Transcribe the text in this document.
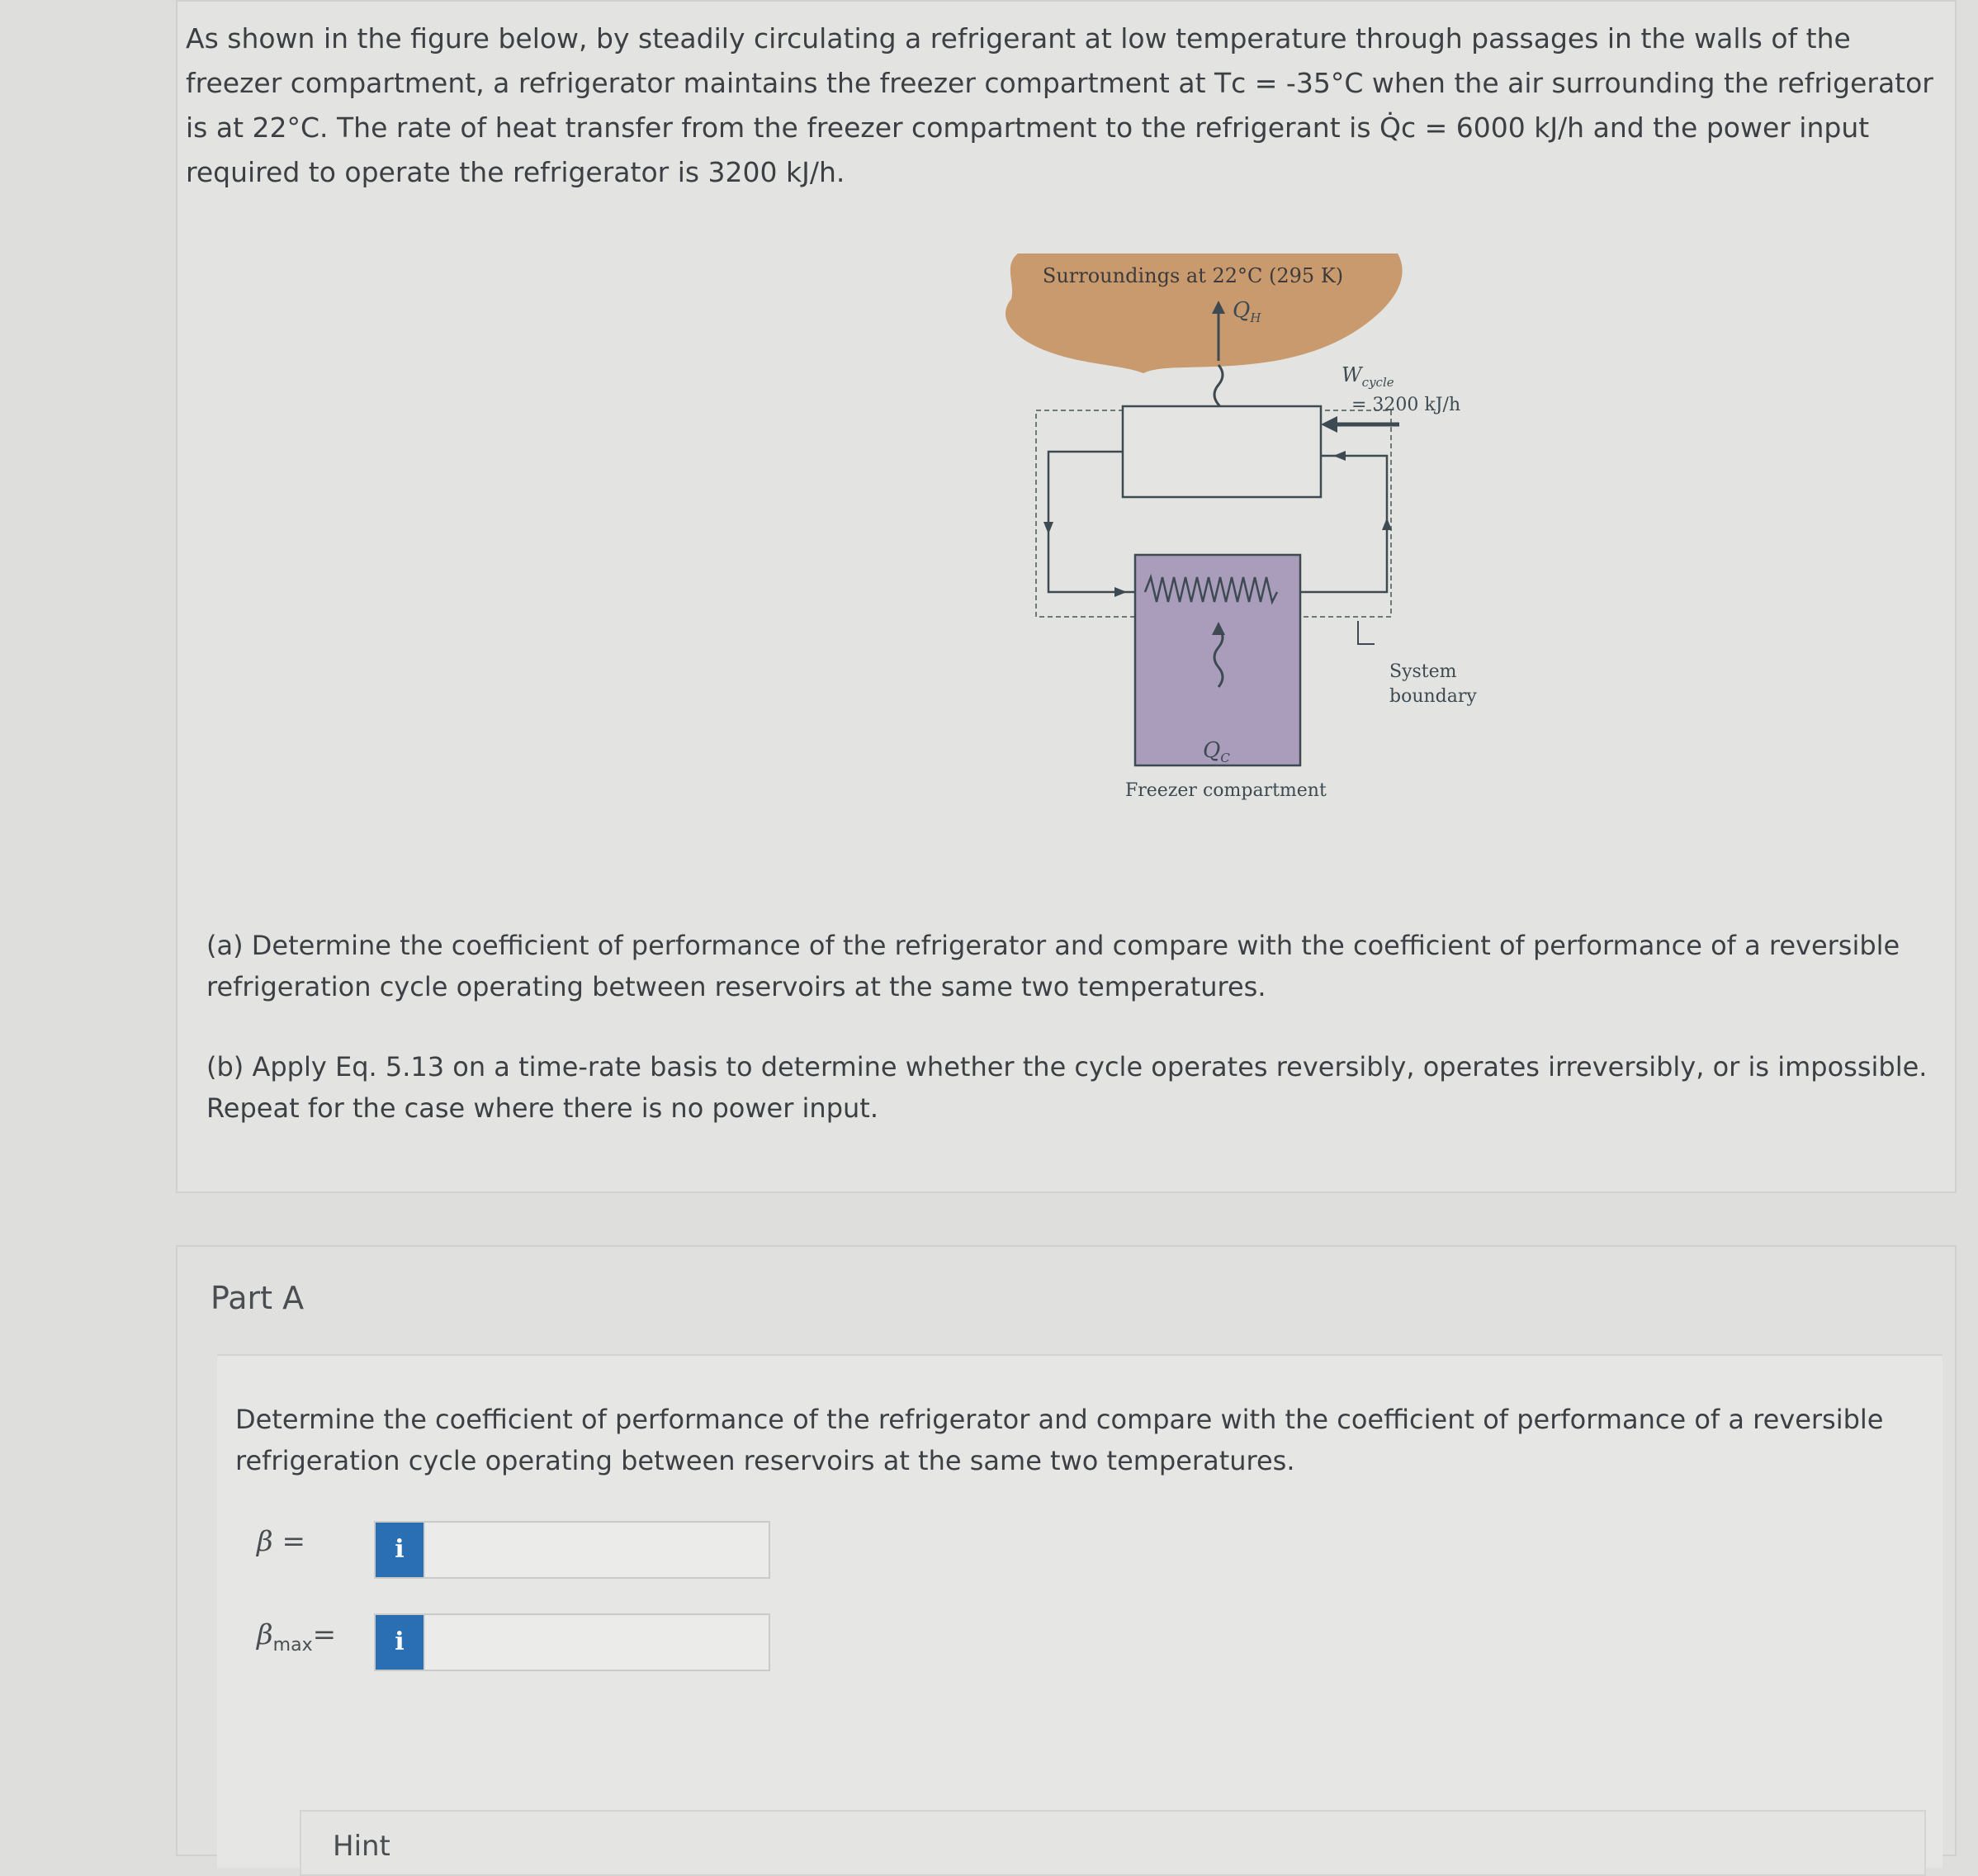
As shown in the figure below, by steadily circulating a refrigerant at low temperature through passages in the walls of the freezer compartment, a refrigerator maintains the freezer compartment at Tᴄ = -35°C when the air surrounding the refrigerator is at 22°C. The rate of heat transfer from the freezer compartment to the refrigerant is Q̇ᴄ = 6000 kJ/h and the power input required to operate the refrigerator is 3200 kJ/h.

Surroundings at 22°C (295 K)
$Q_H$
$W_{cycle}$
= 3200 kJ/h
$Q_C$
Freezer compartment
System
boundary

(a) Determine the coefficient of performance of the refrigerator and compare with the coefficient of performance of a reversible refrigeration cycle operating between reservoirs at the same two temperatures.

(b) Apply Eq. 5.13 on a time-rate basis to determine whether the cycle operates reversibly, operates irreversibly, or is impossible. Repeat for the case where there is no power input.

Part A

Determine the coefficient of performance of the refrigerator and compare with the coefficient of performance of a reversible refrigeration cycle operating between reservoirs at the same two temperatures.

β =	i
$\beta_{max}=$	i
Hint
